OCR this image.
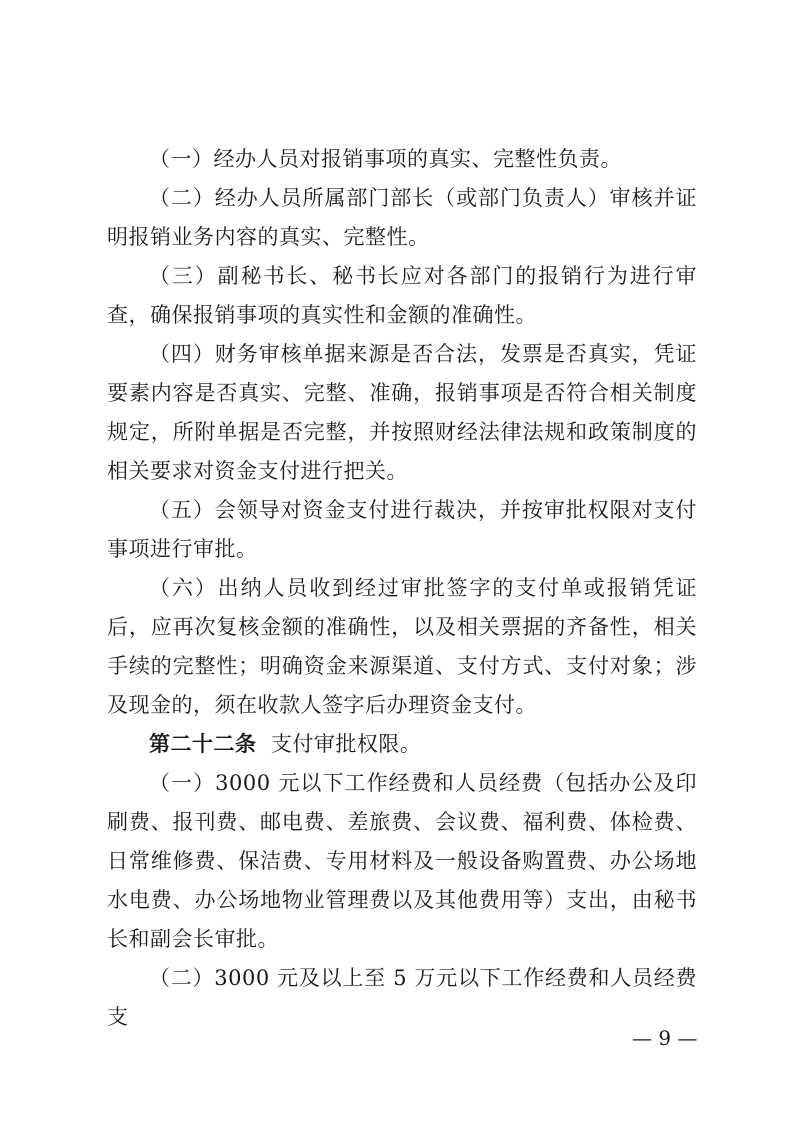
（一）经办人员对报销事项的真实、完整性负责。

（二）经办人员所属部门部长（或部门负责人）审核并证明报销业务内容的真实、完整性。

（三）副秘书长、秘书长应对各部门的报销行为进行审查，确保报销事项的真实性和金额的准确性。

（四）财务审核单据来源是否合法，发票是否真实，凭证要素内容是否真实、完整、准确，报销事项是否符合相关制度规定，所附单据是否完整，并按照财经法律法规和政策制度的相关要求对资金支付进行把关。

（五）会领导对资金支付进行裁决，并按审批权限对支付事项进行审批。

（六）出纳人员收到经过审批签字的支付单或报销凭证后，应再次复核金额的准确性，以及相关票据的齐备性，相关手续的完整性；明确资金来源渠道、支付方式、支付对象；涉及现金的，须在收款人签字后办理资金支付。

第二十二条 支付审批权限。

（一）3000 元以下工作经费和人员经费（包括办公及印刷费、报刊费、邮电费、差旅费、会议费、福利费、体检费、日常维修费、保洁费、专用材料及一般设备购置费、办公场地水电费、办公场地物业管理费以及其他费用等）支出，由秘书长和副会长审批。

（二）3000 元及以上至 5 万元以下工作经费和人员经费支

— 9 —
